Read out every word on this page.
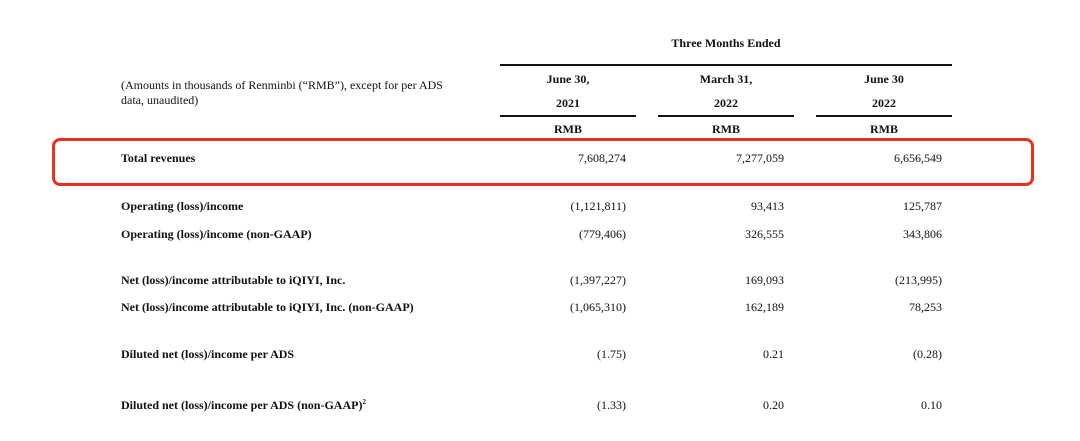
Three Months Ended
(Amounts in thousands of Renminbi (“RMB”), except for per ADS data, unaudited)
June 30,	March 31,	June 30
2021	2022	2022
RMB	RMB	RMB
Total revenues	7,608,274	7,277,059	6,656,549
Operating (loss)/income	(1,121,811)	93,413	125,787
Operating (loss)/income (non-GAAP)	(779,406)	326,555	343,806
Net (loss)/income attributable to iQIYI, Inc.	(1,397,227)	169,093	(213,995)
Net (loss)/income attributable to iQIYI, Inc. (non-GAAP)	(1,065,310)	162,189	78,253
Diluted net (loss)/income per ADS	(1.75)	0.21	(0.28)
Diluted net (loss)/income per ADS (non-GAAP)$^2$	(1.33)	0.20	0.10
